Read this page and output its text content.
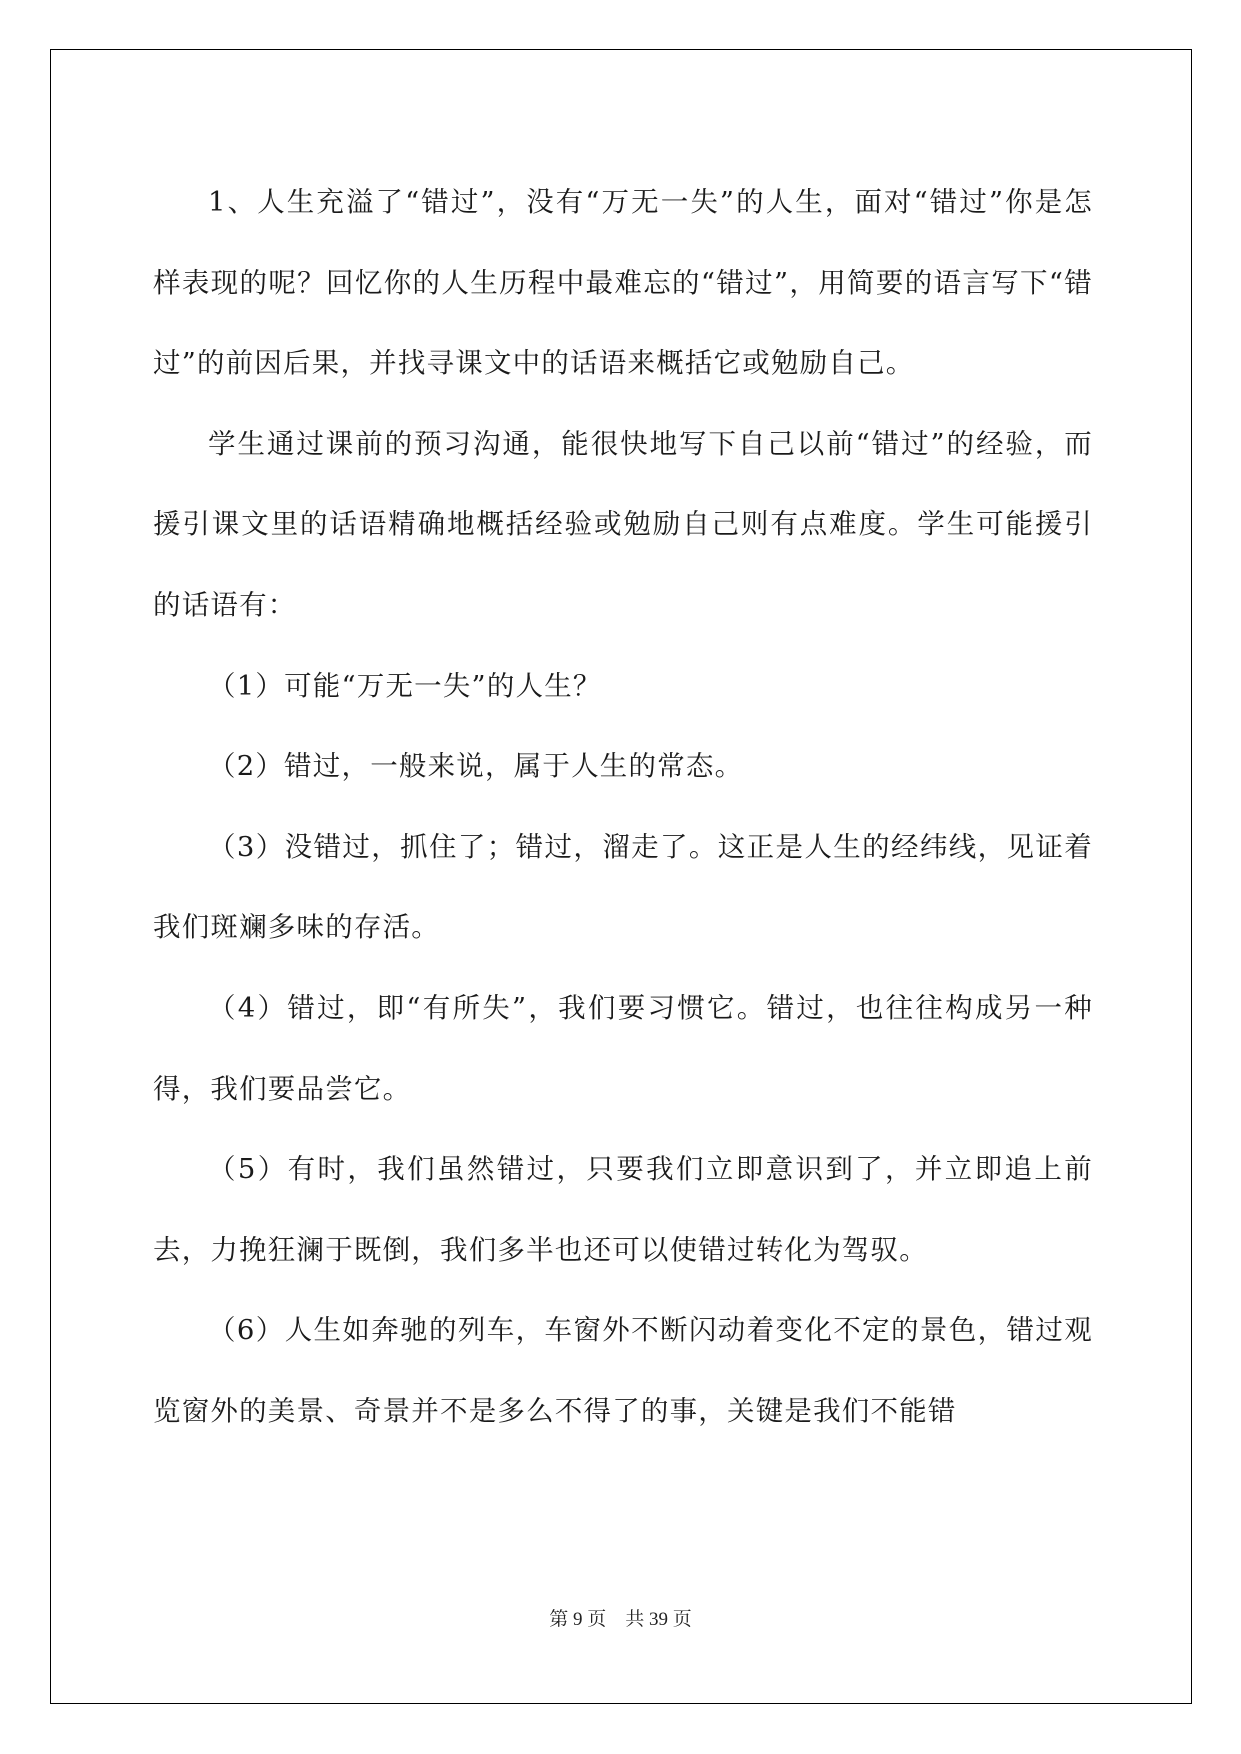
1、人生充溢了“错过”，没有“万无一失”的人生，面对“错过”你是怎样表现的呢？回忆你的人生历程中最难忘的“错过”，用简要的语言写下“错过”的前因后果，并找寻课文中的话语来概括它或勉励自己。

学生通过课前的预习沟通，能很快地写下自己以前“错过”的经验，而援引课文里的话语精确地概括经验或勉励自己则有点难度。学生可能援引的话语有：

（1）可能“万无一失”的人生？

（2）错过，一般来说，属于人生的常态。

（3）没错过，抓住了；错过，溜走了。这正是人生的经纬线，见证着我们斑斓多味的存活。

（4）错过，即“有所失”，我们要习惯它。错过，也往往构成另一种得，我们要品尝它。

（5）有时，我们虽然错过，只要我们立即意识到了，并立即追上前去，力挽狂澜于既倒，我们多半也还可以使错过转化为驾驭。

（6）人生如奔驰的列车，车窗外不断闪动着变化不定的景色，错过观览窗外的美景、奇景并不是多么不得了的事，关键是我们不能错

第 9 页　共 39 页
